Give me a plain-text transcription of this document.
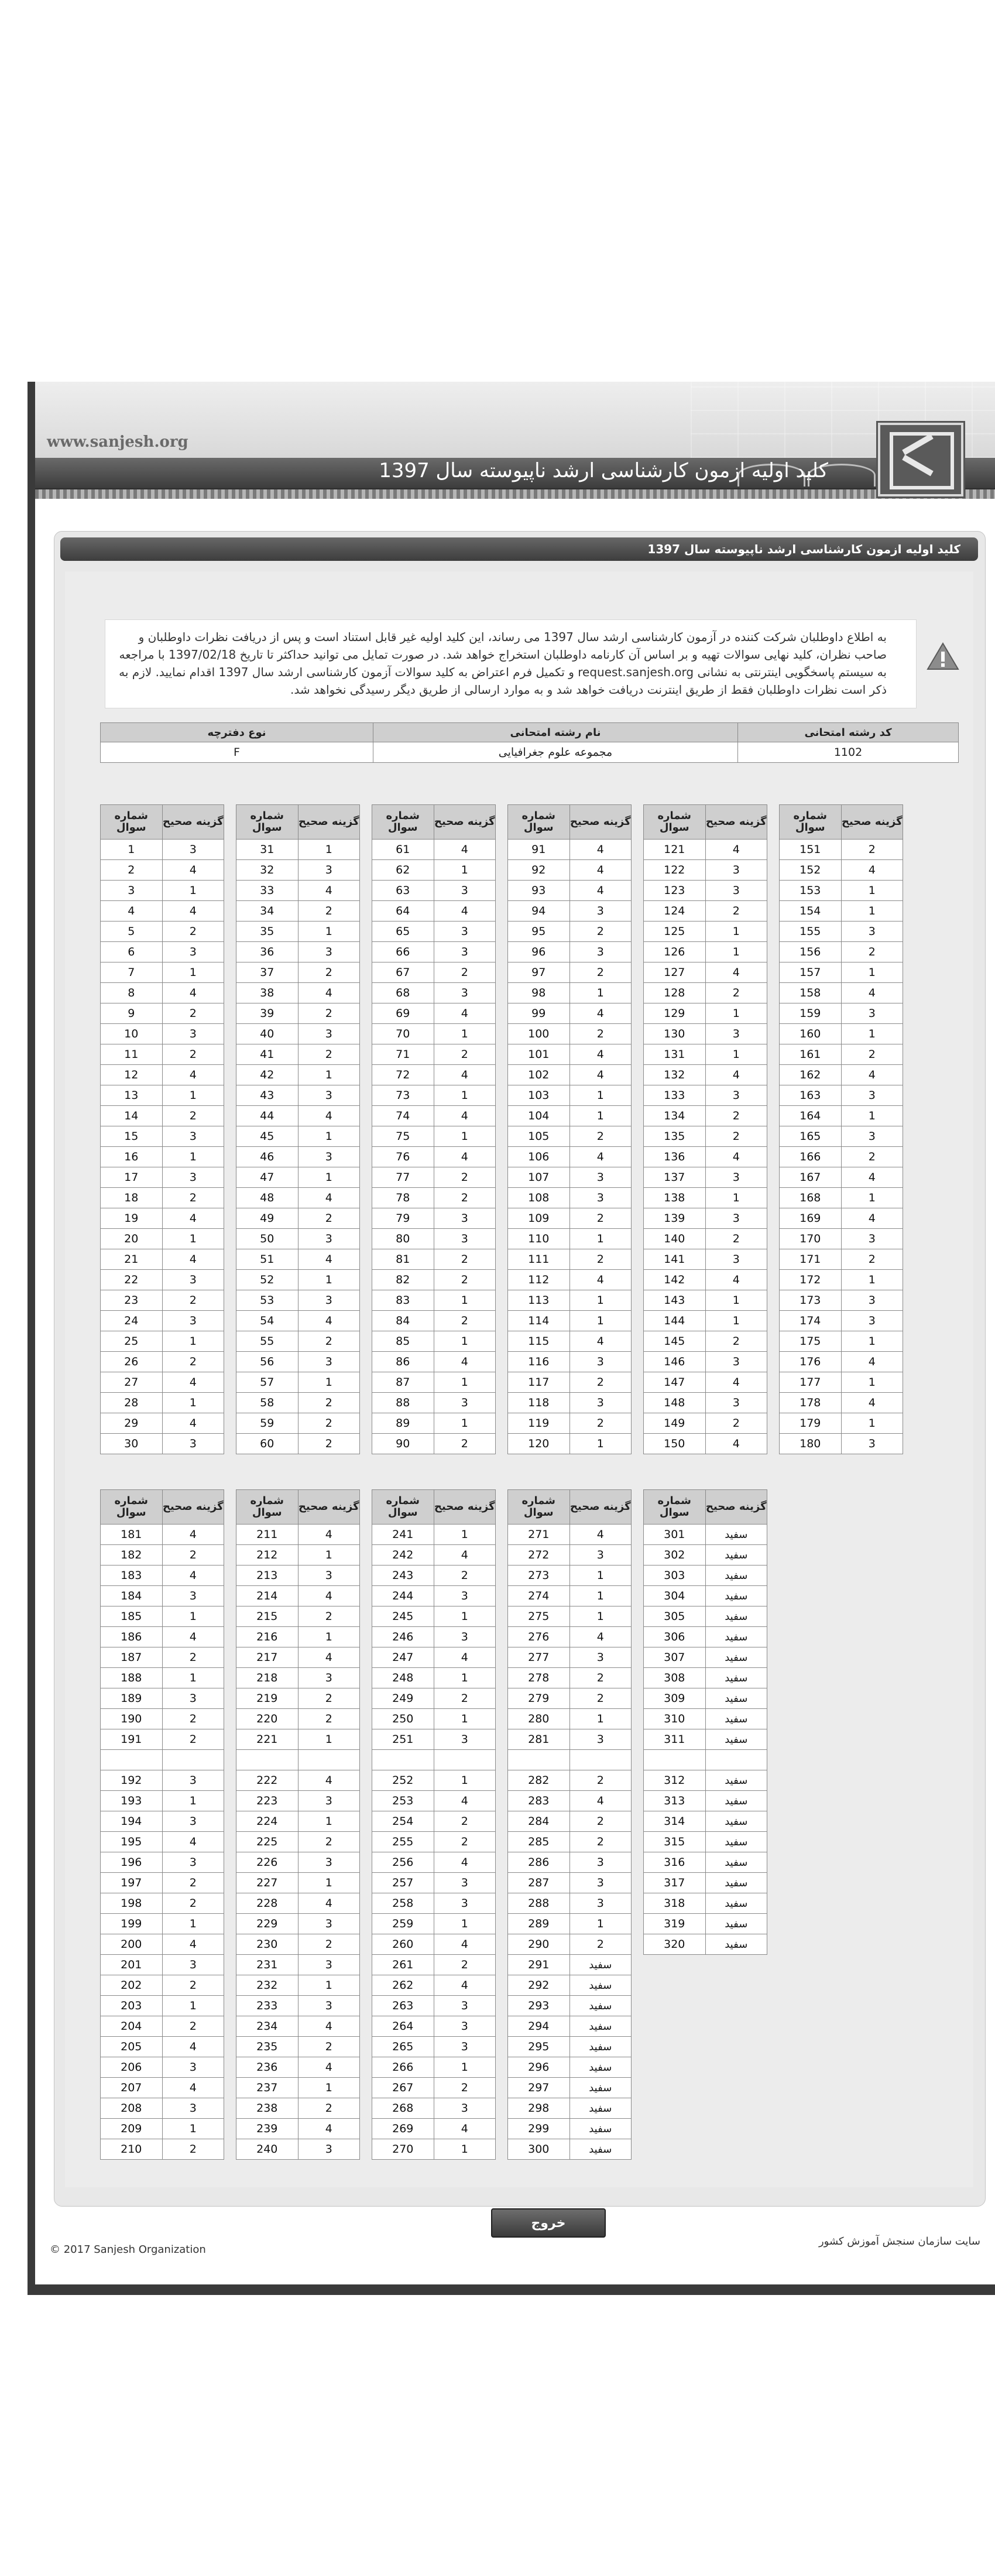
www.sanjesh.org
کلید اولیه ازمون کارشناسی ارشد ناپیوسته سال 1397
کلید اولیه ازمون کارشناسی ارشد ناپیوسته سال 1397

به اطلاع داوطلبان شرکت کننده در آزمون کارشناسی ارشد سال 1397 می رساند، این کلید اولیه غیر قابل استناد است و پس از دریافت نظرات داوطلبان و صاحب نظران، کلید نهایی سوالات تهیه و بر اساس آن کارنامه داوطلبان استخراج خواهد شد. در صورت تمایل می توانید حداکثر تا تاریخ 1397/02/18 با مراجعه به سیستم پاسخگویی اینترنتی به نشانی request.sanjesh.org و تکمیل فرم اعتراض به کلید سوالات آزمون کارشناسی ارشد سال 1397 اقدام نمایید. لازم به ذکر است نظرات داوطلبان فقط از طریق اینترنت دریافت خواهد شد و به موارد ارسالی از طریق دیگر رسیدگی نخواهد شد.

نوع دفترچه	نام رشته امتحانی	کد رشته امتحانی
F	مجموعه علوم جغرافیایی	1102
شماره سوال	گزینه صحیح
1	3
2	4
3	1
4	4
5	2
6	3
7	1
8	4
9	2
10	3
11	2
12	4
13	1
14	2
15	3
16	1
17	3
18	2
19	4
20	1
21	4
22	3
23	2
24	3
25	1
26	2
27	4
28	1
29	4
30	3
شماره سوال	گزینه صحیح
31	1
32	3
33	4
34	2
35	1
36	3
37	2
38	4
39	2
40	3
41	2
42	1
43	3
44	4
45	1
46	3
47	1
48	4
49	2
50	3
51	4
52	1
53	3
54	4
55	2
56	3
57	1
58	2
59	2
60	2
شماره سوال	گزینه صحیح
61	4
62	1
63	3
64	4
65	3
66	3
67	2
68	3
69	4
70	1
71	2
72	4
73	1
74	4
75	1
76	4
77	2
78	2
79	3
80	3
81	2
82	2
83	1
84	2
85	1
86	4
87	1
88	3
89	1
90	2
شماره سوال	گزینه صحیح
91	4
92	4
93	4
94	3
95	2
96	3
97	2
98	1
99	4
100	2
101	4
102	4
103	1
104	1
105	2
106	4
107	3
108	3
109	2
110	1
111	2
112	4
113	1
114	1
115	4
116	3
117	2
118	3
119	2
120	1
شماره سوال	گزینه صحیح
121	4
122	3
123	3
124	2
125	1
126	1
127	4
128	2
129	1
130	3
131	1
132	4
133	3
134	2
135	2
136	4
137	3
138	1
139	3
140	2
141	3
142	4
143	1
144	1
145	2
146	3
147	4
148	3
149	2
150	4
شماره سوال	گزینه صحیح
151	2
152	4
153	1
154	1
155	3
156	2
157	1
158	4
159	3
160	1
161	2
162	4
163	3
164	1
165	3
166	2
167	4
168	1
169	4
170	3
171	2
172	1
173	3
174	3
175	1
176	4
177	1
178	4
179	1
180	3
شماره سوال	گزینه صحیح
181	4
182	2
183	4
184	3
185	1
186	4
187	2
188	1
189	3
190	2
191	2

192	3
193	1
194	3
195	4
196	3
197	2
198	2
199	1
200	4
201	3
202	2
203	1
204	2
205	4
206	3
207	4
208	3
209	1
210	2
شماره سوال	گزینه صحیح
211	4
212	1
213	3
214	4
215	2
216	1
217	4
218	3
219	2
220	2
221	1

222	4
223	3
224	1
225	2
226	3
227	1
228	4
229	3
230	2
231	3
232	1
233	3
234	4
235	2
236	4
237	1
238	2
239	4
240	3
شماره سوال	گزینه صحیح
241	1
242	4
243	2
244	3
245	1
246	3
247	4
248	1
249	2
250	1
251	3

252	1
253	4
254	2
255	2
256	4
257	3
258	3
259	1
260	4
261	2
262	4
263	3
264	3
265	3
266	1
267	2
268	3
269	4
270	1
شماره سوال	گزینه صحیح
271	4
272	3
273	1
274	1
275	1
276	4
277	3
278	2
279	2
280	1
281	3

282	2
283	4
284	2
285	2
286	3
287	3
288	3
289	1
290	2
291	سفید
292	سفید
293	سفید
294	سفید
295	سفید
296	سفید
297	سفید
298	سفید
299	سفید
300	سفید
شماره سوال	گزینه صحیح
301	سفید
302	سفید
303	سفید
304	سفید
305	سفید
306	سفید
307	سفید
308	سفید
309	سفید
310	سفید
311	سفید

312	سفید
313	سفید
314	سفید
315	سفید
316	سفید
317	سفید
318	سفید
319	سفید
320	سفید
خروج
© 2017 Sanjesh Organization
سایت سازمان سنجش آموزش کشور
